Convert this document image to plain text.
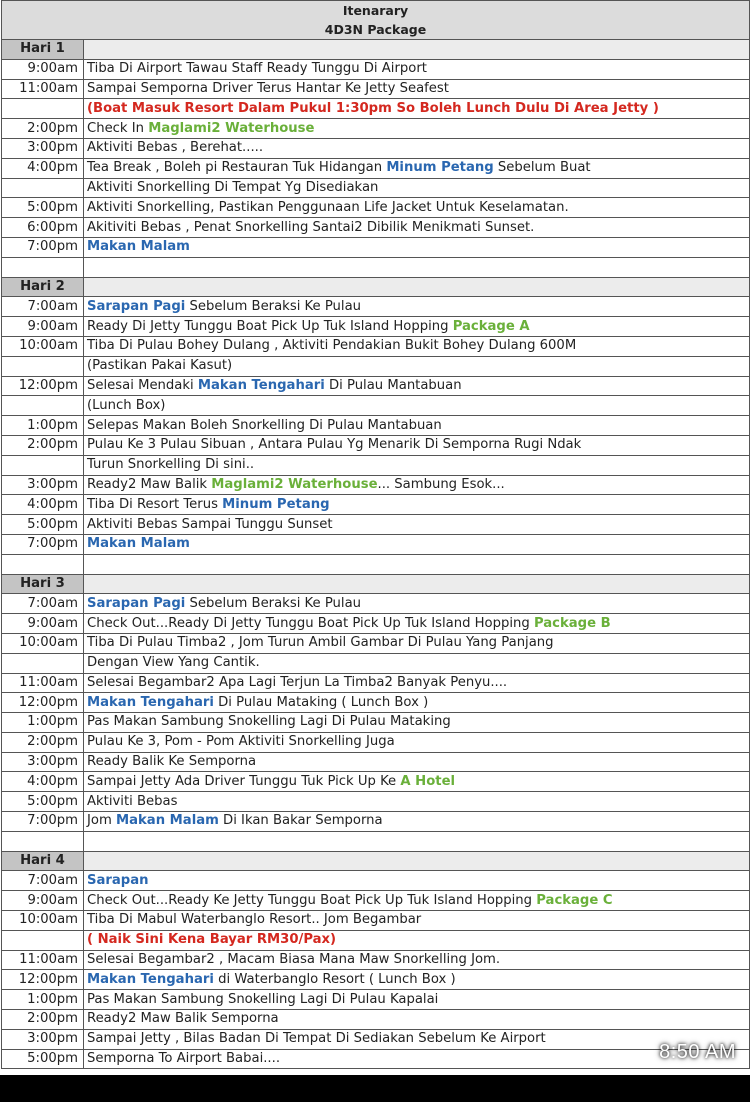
Itenarary	
4D3N Package	
Hari 1	
9:00am	Tiba Di Airport Tawau Staff Ready Tunggu Di Airport
11:00am	Sampai Semporna Driver Terus Hantar Ke Jetty Seafest
	(Boat Masuk Resort Dalam Pukul 1:30pm So Boleh Lunch Dulu Di Area Jetty )
2:00pm	Check In Maglami2 Waterhouse
3:00pm	Aktiviti Bebas , Berehat.....
4:00pm	Tea Break , Boleh pi Restauran Tuk Hidangan Minum Petang Sebelum Buat
	Aktiviti Snorkelling Di Tempat Yg Disediakan
5:00pm	Aktiviti Snorkelling, Pastikan Penggunaan Life Jacket Untuk Keselamatan.
6:00pm	Akitiviti Bebas , Penat Snorkelling Santai2 Dibilik Menikmati Sunset.
7:00pm	Makan Malam

Hari 2	
7:00am	Sarapan Pagi Sebelum Beraksi Ke Pulau
9:00am	Ready Di Jetty Tunggu Boat Pick Up Tuk Island Hopping Package A
10:00am	Tiba Di Pulau Bohey Dulang , Aktiviti Pendakian Bukit Bohey Dulang 600M
	(Pastikan Pakai Kasut)
12:00pm	Selesai Mendaki Makan Tengahari Di Pulau Mantabuan
	(Lunch Box)
1:00pm	Selepas Makan Boleh Snorkelling Di Pulau Mantabuan
2:00pm	Pulau Ke 3 Pulau Sibuan , Antara Pulau Yg Menarik Di Semporna Rugi Ndak
	Turun Snorkelling Di sini..
3:00pm	Ready2 Maw Balik Maglami2 Waterhouse... Sambung Esok...
4:00pm	Tiba Di Resort Terus Minum Petang
5:00pm	Aktiviti Bebas Sampai Tunggu Sunset
7:00pm	Makan Malam

Hari 3	
7:00am	Sarapan Pagi Sebelum Beraksi Ke Pulau
9:00am	Check Out...Ready Di Jetty Tunggu Boat Pick Up Tuk Island Hopping Package B
10:00am	Tiba Di Pulau Timba2 , Jom Turun Ambil Gambar Di Pulau Yang Panjang
	Dengan View Yang Cantik.
11:00am	Selesai Begambar2 Apa Lagi Terjun La Timba2 Banyak Penyu....
12:00pm	Makan Tengahari Di Pulau Mataking ( Lunch Box )
1:00pm	Pas Makan Sambung Snokelling Lagi Di Pulau Mataking
2:00pm	Pulau Ke 3, Pom - Pom Aktiviti Snorkelling Juga
3:00pm	Ready Balik Ke Semporna
4:00pm	Sampai Jetty Ada Driver Tunggu Tuk Pick Up Ke A Hotel
5:00pm	Aktiviti Bebas
7:00pm	Jom Makan Malam Di Ikan Bakar Semporna

Hari 4	
7:00am	Sarapan
9:00am	Check Out...Ready Ke Jetty Tunggu Boat Pick Up Tuk Island Hopping Package C
10:00am	Tiba Di Mabul Waterbanglo Resort.. Jom Begambar
	( Naik Sini Kena Bayar RM30/Pax)
11:00am	Selesai Begambar2 , Macam Biasa Mana Maw Snorkelling Jom.
12:00pm	Makan Tengahari di Waterbanglo Resort ( Lunch Box )
1:00pm	Pas Makan Sambung Snokelling Lagi Di Pulau Kapalai
2:00pm	Ready2 Maw Balik Semporna
3:00pm	Sampai Jetty , Bilas Badan Di Tempat Di Sediakan Sebelum Ke Airport
5:00pm	Semporna To Airport Babai....	8:50 AM
